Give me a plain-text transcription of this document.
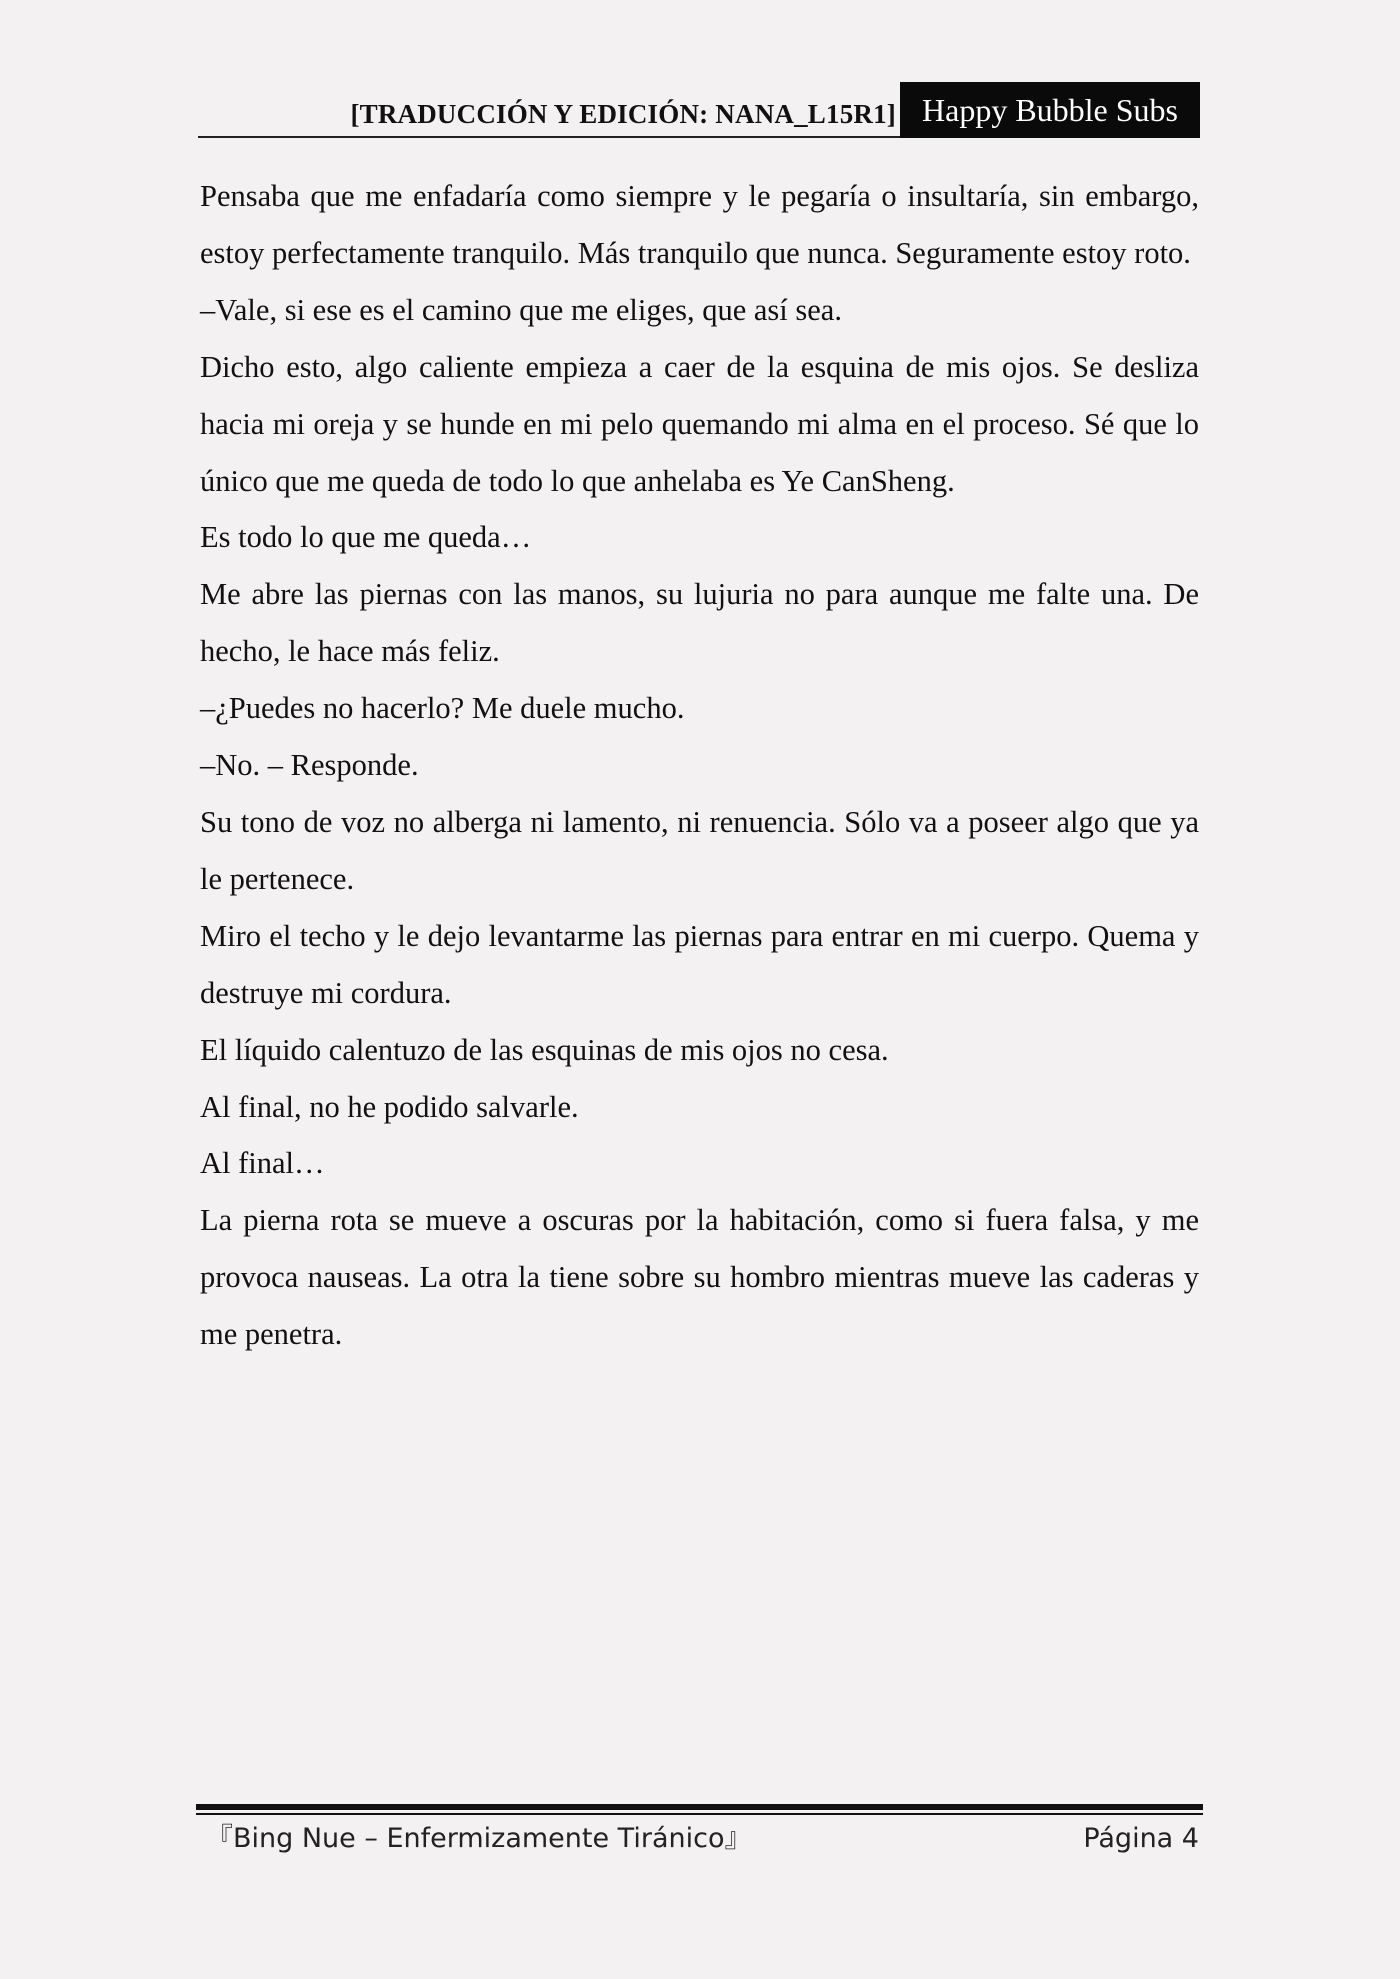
[TRADUCCIÓN Y EDICIÓN: NANA_L15R1] Happy Bubble Subs

Pensaba que me enfadaría como siempre y le pegaría o insultaría, sin embargo, estoy perfectamente tranquilo. Más tranquilo que nunca. Seguramente estoy roto.

–Vale, si ese es el camino que me eliges, que así sea.

Dicho esto, algo caliente empieza a caer de la esquina de mis ojos. Se desliza hacia mi oreja y se hunde en mi pelo quemando mi alma en el proceso. Sé que lo único que me queda de todo lo que anhelaba es Ye CanSheng.

Es todo lo que me queda…

Me abre las piernas con las manos, su lujuria no para aunque me falte una. De hecho, le hace más feliz.

–¿Puedes no hacerlo? Me duele mucho.

–No. – Responde.

Su tono de voz no alberga ni lamento, ni renuencia. Sólo va a poseer algo que ya le pertenece.

Miro el techo y le dejo levantarme las piernas para entrar en mi cuerpo. Quema y destruye mi cordura.

El líquido calentuzo de las esquinas de mis ojos no cesa.

Al final, no he podido salvarle.

Al final…

La pierna rota se mueve a oscuras por la habitación, como si fuera falsa, y me provoca nauseas. La otra la tiene sobre su hombro mientras mueve las caderas y me penetra.

『Bing Nue – Enfermizamente Tiránico』	Página 4
